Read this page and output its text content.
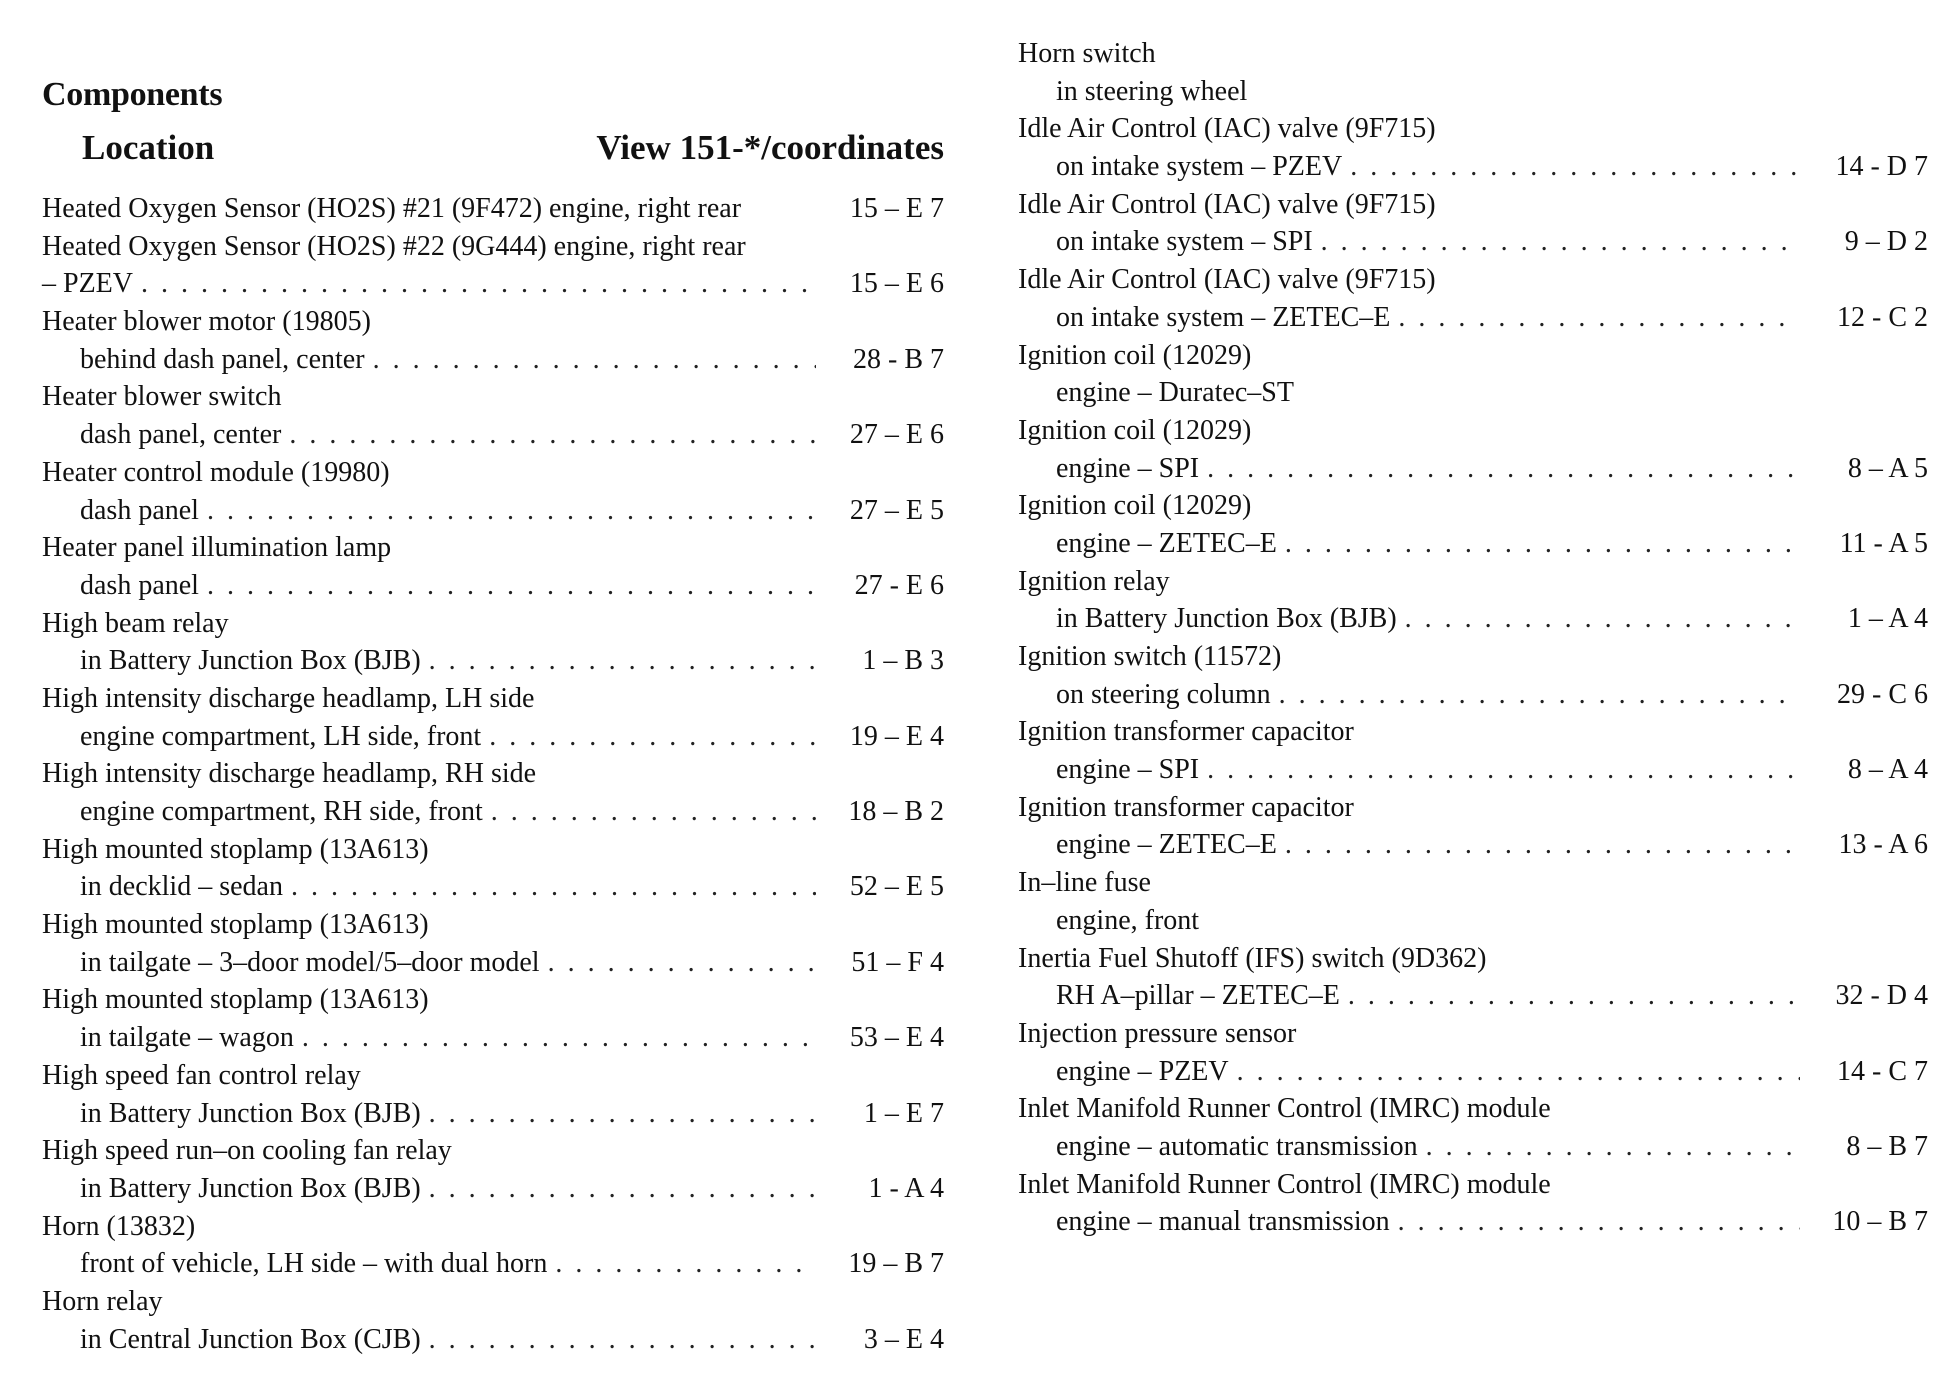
Components
Location	View 151-*/coordinates
Heated Oxygen Sensor (HO2S) #21 (9F472) engine, right rear	15 – E 7
Heated Oxygen Sensor (HO2S) #22 (9G444) engine, right rear
– PZEV . . .	15 – E 6
Heater blower motor (19805)
behind dash panel, center . . .	28 - B 7
Heater blower switch
dash panel, center . . .	27 – E 6
Heater control module (19980)
dash panel . . .	27 – E 5
Heater panel illumination lamp
dash panel . . .	27 - E 6
High beam relay
in Battery Junction Box (BJB) . . .	1 – B 3
High intensity discharge headlamp, LH side
engine compartment, LH side, front . . .	19 – E 4
High intensity discharge headlamp, RH side
engine compartment, RH side, front . . .	18 – B 2
High mounted stoplamp (13A613)
in decklid – sedan . . .	52 – E 5
High mounted stoplamp (13A613)
in tailgate – 3–door model/5–door model . . .	51 – F 4
High mounted stoplamp (13A613)
in tailgate – wagon . . .	53 – E 4
High speed fan control relay
in Battery Junction Box (BJB) . . .	1 – E 7
High speed run–on cooling fan relay
in Battery Junction Box (BJB) . . .	1 - A 4
Horn (13832)
front of vehicle, LH side – with dual horn . . .	19 – B 7
Horn relay
in Central Junction Box (CJB) . . .	3 – E 4
Horn switch
in steering wheel
Idle Air Control (IAC) valve (9F715)
on intake system – PZEV . . .	14 - D 7
Idle Air Control (IAC) valve (9F715)
on intake system – SPI . . .	9 – D 2
Idle Air Control (IAC) valve (9F715)
on intake system – ZETEC–E . . .	12 - C 2
Ignition coil (12029)
engine – Duratec–ST
Ignition coil (12029)
engine – SPI . . .	8 – A 5
Ignition coil (12029)
engine – ZETEC–E . . .	11 - A 5
Ignition relay
in Battery Junction Box (BJB) . . .	1 – A 4
Ignition switch (11572)
on steering column . . .	29 - C 6
Ignition transformer capacitor
engine – SPI . . .	8 – A 4
Ignition transformer capacitor
engine – ZETEC–E . . .	13 - A 6
In–line fuse
engine, front
Inertia Fuel Shutoff (IFS) switch (9D362)
RH A–pillar – ZETEC–E . . .	32 - D 4
Injection pressure sensor
engine – PZEV . . .	14 - C 7
Inlet Manifold Runner Control (IMRC) module
engine – automatic transmission . . .	8 – B 7
Inlet Manifold Runner Control (IMRC) module
engine – manual transmission . . .	10 – B 7
